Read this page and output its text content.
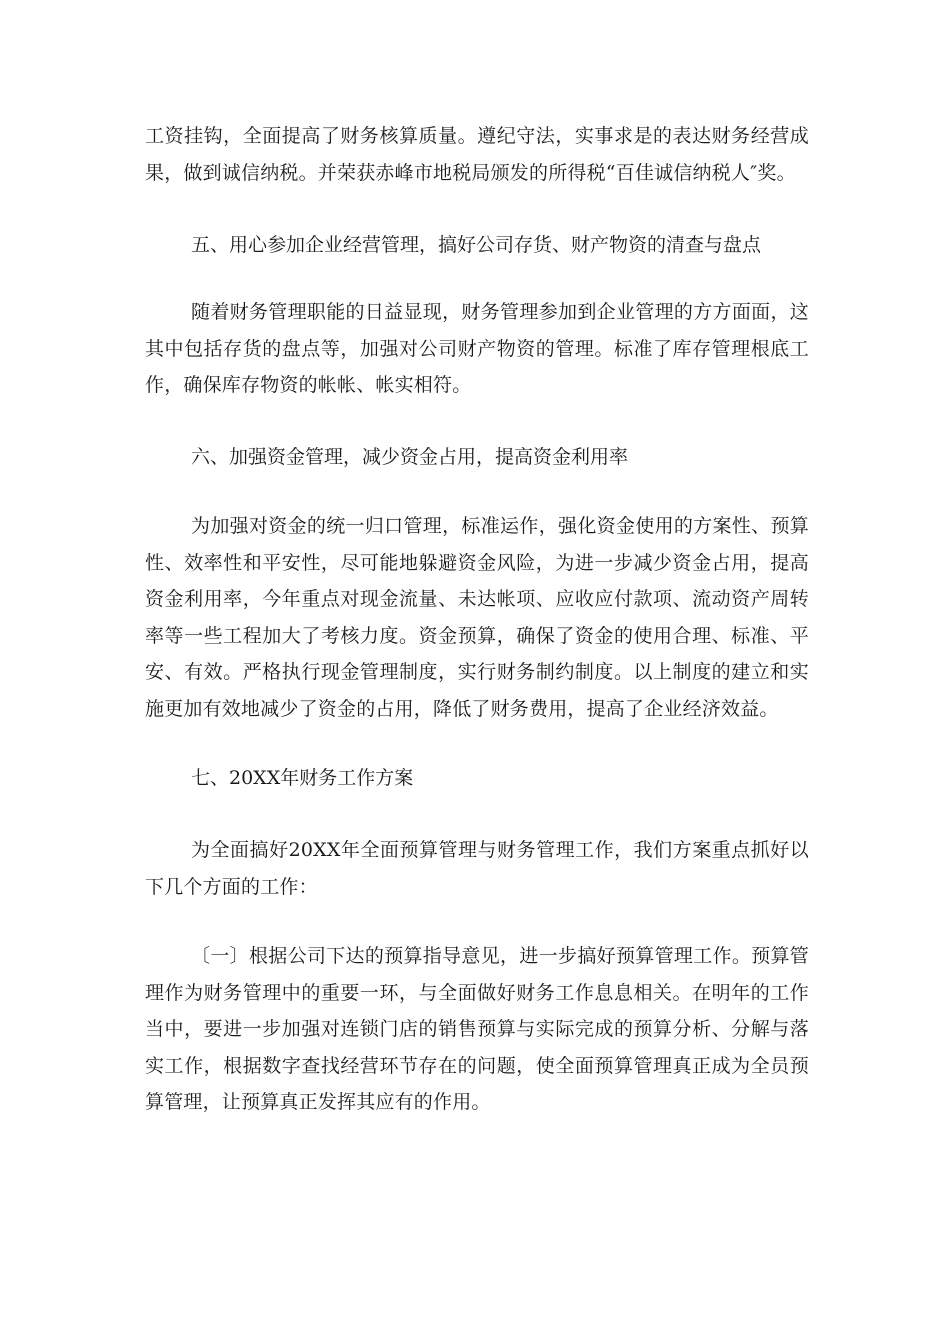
工资挂钩，全面提高了财务核算质量。遵纪守法，实事求是的表达财务经营成果，做到诚信纳税。并荣获赤峰市地税局颁发的所得税“百佳诚信纳税人″奖。

五、用心参加企业经营管理，搞好公司存货、财产物资的清查与盘点

随着财务管理职能的日益显现，财务管理参加到企业管理的方方面面，这其中包括存货的盘点等，加强对公司财产物资的管理。标准了库存管理根底工作，确保库存物资的帐帐、帐实相符。

六、加强资金管理，减少资金占用，提高资金利用率

为加强对资金的统一归口管理，标准运作，强化资金使用的方案性、预算性、效率性和平安性，尽可能地躲避资金风险，为进一步减少资金占用，提高资金利用率，今年重点对现金流量、未达帐项、应收应付款项、流动资产周转率等一些工程加大了考核力度。资金预算，确保了资金的使用合理、标准、平安、有效。严格执行现金管理制度，实行财务制约制度。以上制度的建立和实施更加有效地减少了资金的占用，降低了财务费用，提高了企业经济效益。

七、20XX年财务工作方案

为全面搞好20XX年全面预算管理与财务管理工作，我们方案重点抓好以下几个方面的工作：

〔一〕根据公司下达的预算指导意见，进一步搞好预算管理工作。预算管理作为财务管理中的重要一环，与全面做好财务工作息息相关。在明年的工作当中，要进一步加强对连锁门店的销售预算与实际完成的预算分析、分解与落实工作，根据数字查找经营环节存在的问题，使全面预算管理真正成为全员预算管理，让预算真正发挥其应有的作用。
